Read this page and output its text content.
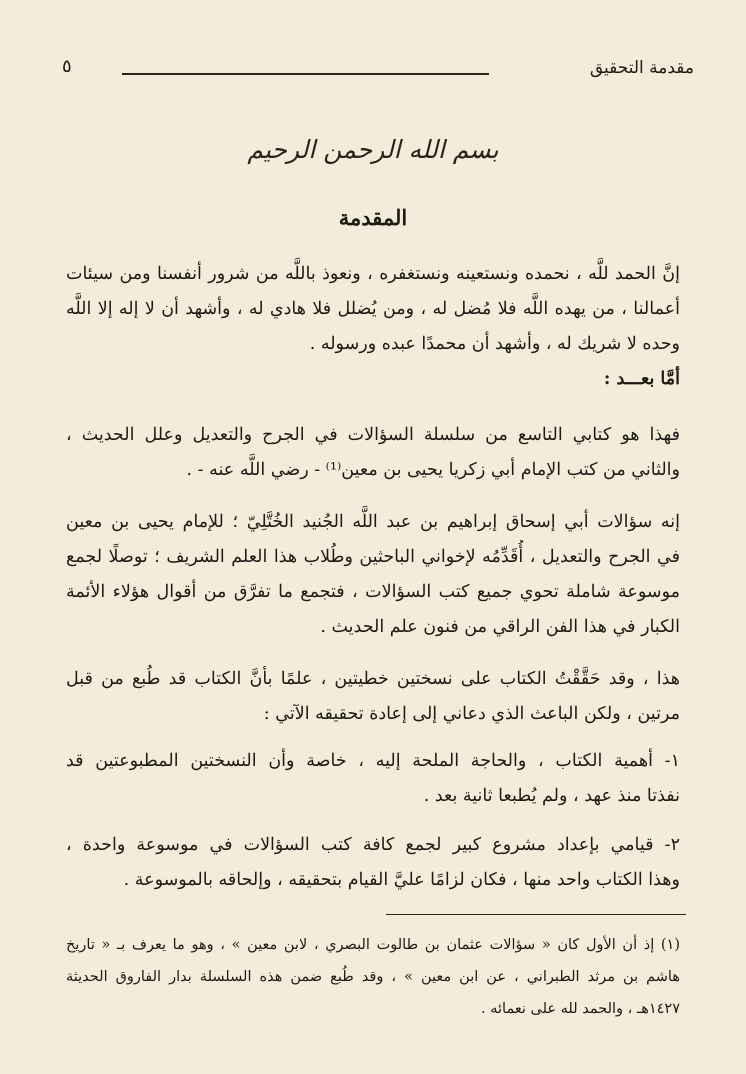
مقدمة التحقيق
٥
بسم الله الرحمن الرحيم
المقدمة
إنَّ الحمد للَّه ، نحمده ونستعينه ونستغفره ، ونعوذ باللَّه من شرور أنفسنا ومن سيئات
أعمالنا ، من يهده اللَّه فلا مُضل له ، ومن يُضلل فلا هادي له ، وأشهد أن لا إله إلا اللَّه
وحده لا شريك له ، وأشهد أن محمدًا عبده ورسوله .
أمَّا بعـــد :
فهذا هو كتابي التاسع من سلسلة السؤالات في الجرح والتعديل وعلل الحديث ،
والثاني من كتب الإمام أبي زكريا يحيى بن معين⁽¹⁾ - رضي اللَّه عنه - .
إنه سؤالات أبي إسحاق إبراهيم بن عبد اللَّه الجُنيد الخُتَّلِيّ ؛ للإمام يحيى بن معين
في الجرح والتعديل ، أُقَدِّمُه لإخواني الباحثين وطُلاب هذا العلم الشريف ؛ توصلًا لجمع
موسوعة شاملة تحوي جميع كتب السؤالات ، فتجمع ما تفرَّق من أقوال هؤلاء الأئمة
الكبار في هذا الفن الراقي من فنون علم الحديث .
هذا ، وقد حَقَّقْتُ الكتاب على نسختين خطيتين ، علمًا بأنَّ الكتاب قد طُبع من قبل
مرتين ، ولكن الباعث الذي دعاني إلى إعادة تحقيقه الآتي :
١- أهمية الكتاب ، والحاجة الملحة إليه ، خاصة وأن النسختين المطبوعتين قد
نفذتا منذ عهد ، ولم يُطبعا ثانية بعد .
٢- قيامي بإعداد مشروع كبير لجمع كافة كتب السؤالات في موسوعة واحدة ،
وهذا الكتاب واحد منها ، فكان لزامًا عليَّ القيام بتحقيقه ، وإلحاقه بالموسوعة .
(١) إذ أن الأول كان « سؤالات عثمان بن طالوت البصري ، لابن معين » ، وهو ما يعرف بـ « تاريخ
هاشم بن مرثد الطبراني ، عن ابن معين » ، وقد طُبع ضمن هذه السلسلة بدار الفاروق الحديثة
١٤٢٧هـ ، والحمد لله على نعمائه .
